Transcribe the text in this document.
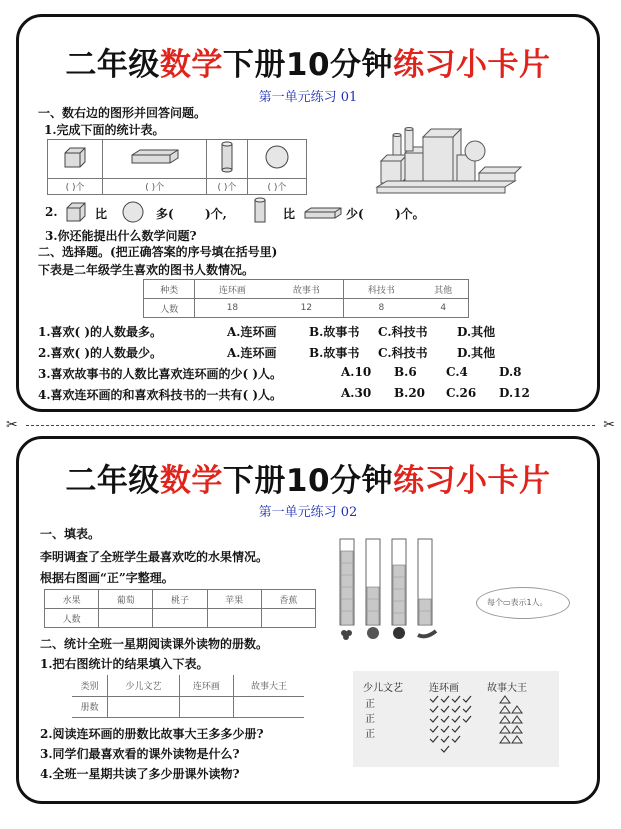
二年级数学下册10分钟练习小卡片
第一单元练习 01
一、数右边的图形并回答问题。
1.完成下面的统计表。

( )个	( )个	( )个	( )个
2.	比	多(	)个,	比	少(	)个。
3.你还能提出什么数学问题?
二、选择题。(把正确答案的序号填在括号里)
下表是二年级学生喜欢的图书人数情况。
种类	连环画	故事书	科技书	其他
人数	18	12	8	4
1.喜欢( )的人数最多。	A.连环画	B.故事书 C.科技书 D.其他
2.喜欢( )的人数最少。	A.连环画	B.故事书 C.科技书 D.其他
3.喜欢故事书的人数比喜欢连环画的少( )人。	A.10 B.6 C.4	D.8
4.喜欢连环画的和喜欢科技书的一共有( )人。	A.30 B.20 C.26 D.12
✂	✂
二年级数学下册10分钟练习小卡片
第一单元练习 02
一、填表。
李明调查了全班学生最喜欢吃的水果情况。
根据右图画“正”字整理。
水果	葡萄	桃子	苹果	香蕉
人数				
每个▭表示1人。
二、统计全班一星期阅读课外读物的册数。
1.把右图统计的结果填入下表。
类别	少儿文艺	连环画	故事大王
册数			
2.阅读连环画的册数比故事大王多多少册?
3.同学们最喜欢看的课外读物是什么?
4.全班一星期共读了多少册课外读物?
少儿文艺	连环画	故事大王
正
正
正
